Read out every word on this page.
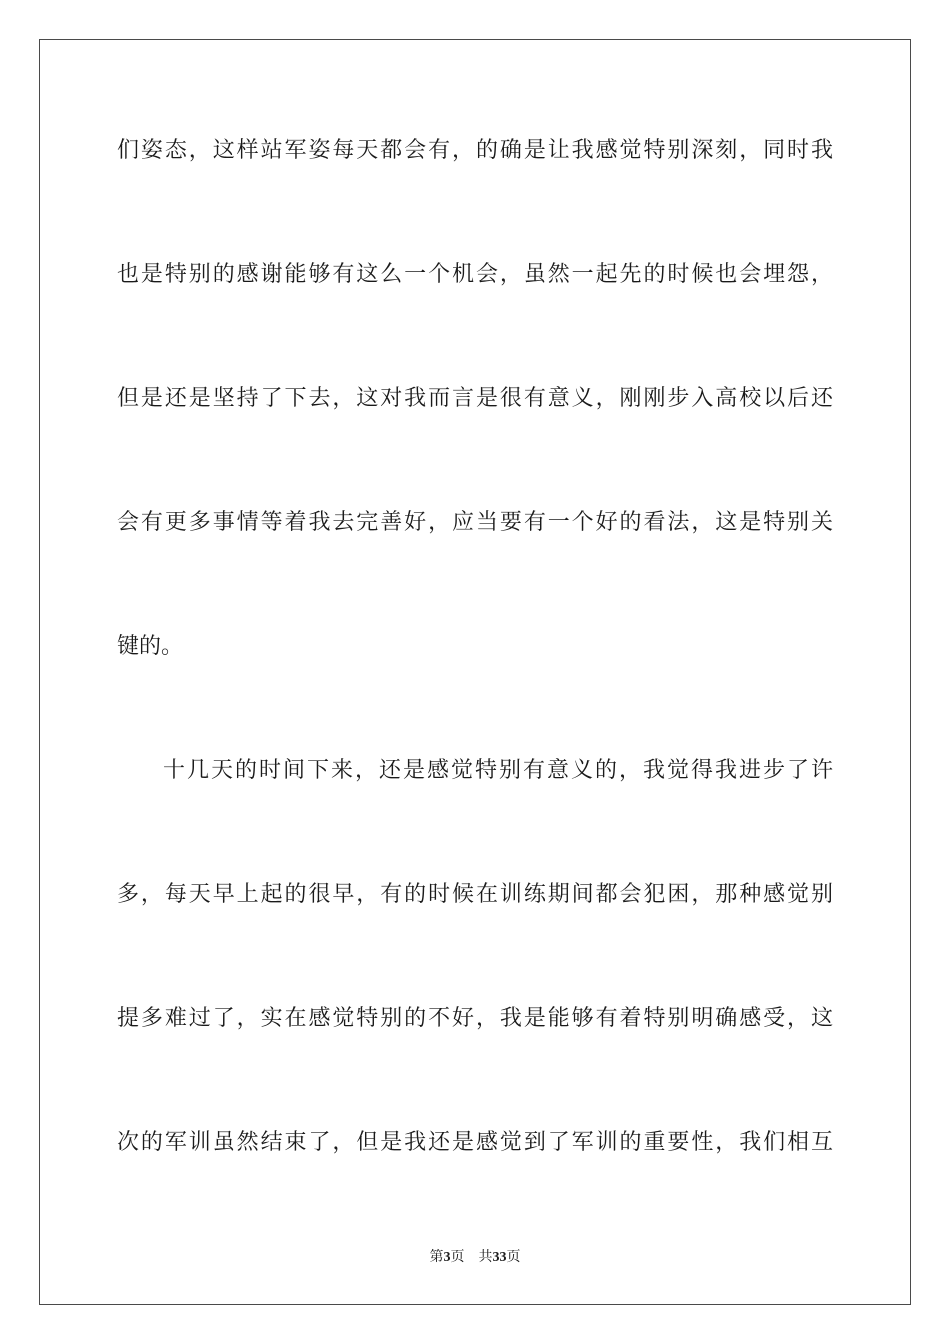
们姿态，这样站军姿每天都会有，的确是让我感觉特别深刻，同时我

也是特别的感谢能够有这么一个机会，虽然一起先的时候也会埋怨，

但是还是坚持了下去，这对我而言是很有意义，刚刚步入高校以后还

会有更多事情等着我去完善好，应当要有一个好的看法，这是特别关

键的。

十几天的时间下来，还是感觉特别有意义的，我觉得我进步了许

多，每天早上起的很早，有的时候在训练期间都会犯困，那种感觉别

提多难过了，实在感觉特别的不好，我是能够有着特别明确感受，这

次的军训虽然结束了，但是我还是感觉到了军训的重要性，我们相互

第3页 共33页
